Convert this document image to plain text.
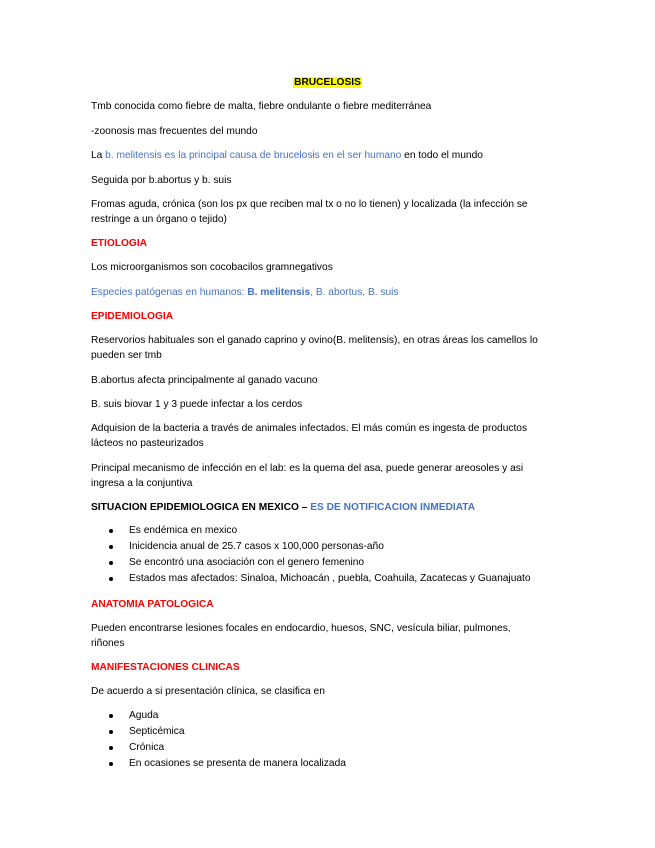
BRUCELOSIS
Tmb conocida como fiebre de malta, fiebre ondulante o fiebre mediterránea
-zoonosis mas frecuentes del mundo
La b. melitensis es la principal causa de brucelosis en el ser humano en todo el mundo
Seguida por b.abortus y b. suis
Fromas aguda, crónica (son los px que reciben mal tx o no lo tienen) y localizada (la infección se
restringe a un órgano o tejido)
ETIOLOGIA
Los microorganismos son cocobacilos gramnegativos
Especies patógenas en humanos: B. melitensis, B. abortus, B. suis
EPIDEMIOLOGIA
Reservorios habituales son el ganado caprino y ovino(B. melitensis), en otras áreas los camellos lo
pueden ser tmb
B.abortus afecta principalmente al ganado vacuno
B. suis biovar 1 y 3 puede infectar a los cerdos
Adquision de la bacteria a través de animales infectados. El más común es ingesta de productos
lácteos no pasteurizados
Principal mecanismo de infección en el lab: es la quema del asa, puede generar areosoles y asi
ingresa a la conjuntiva
SITUACION EPIDEMIOLOGICA EN MEXICO – ES DE NOTIFICACION INMEDIATA
Es endémica en mexico
Inicidencia anual de 25.7 casos x 100,000 personas-año
Se encontró una asociación con el genero femenino
Estados mas afectados: Sinaloa, Michoacán , puebla, Coahuila, Zacatecas y Guanajuato
ANATOMIA PATOLOGICA
Pueden encontrarse lesiones focales en endocardio, huesos, SNC, vesícula biliar, pulmones,
riñones
MANIFESTACIONES CLINICAS
De acuerdo a si presentación clínica, se clasifica en
Aguda
Septicémica
Crónica
En ocasiones se presenta de manera localizada
